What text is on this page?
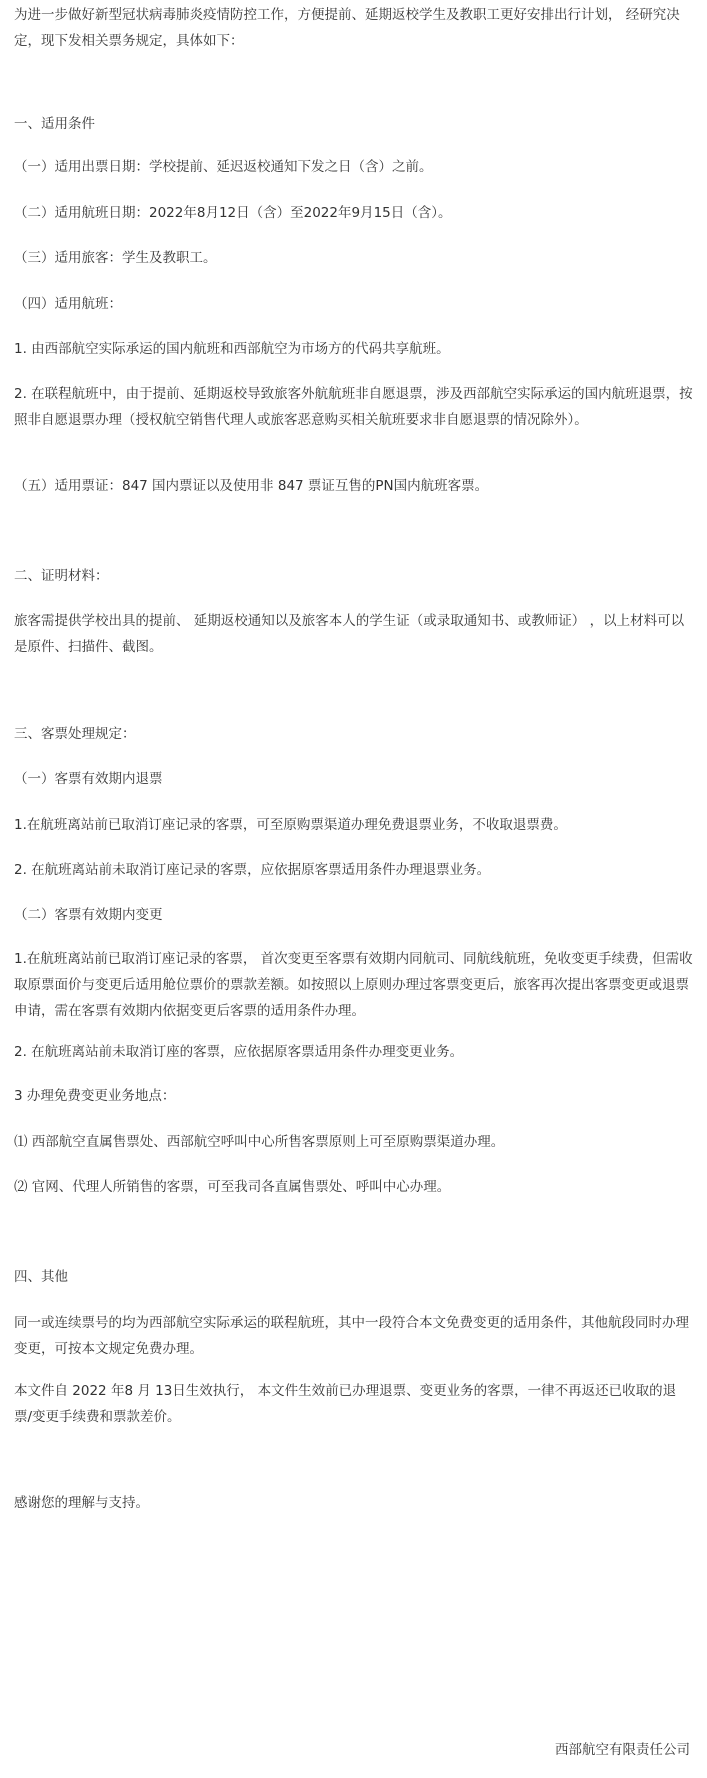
为进一步做好新型冠状病毒肺炎疫情防控工作，方便提前、延期返校学生及教职工更好安排出行计划， 经研究决定，现下发相关票务规定，具体如下：

一、适用条件

（一）适用出票日期：学校提前、延迟返校通知下发之日（含）之前。

（二）适用航班日期：2022年8月12日（含）至2022年9月15日（含）。

（三）适用旅客：学生及教职工。

（四）适用航班：

1. 由西部航空实际承运的国内航班和西部航空为市场方的代码共享航班。

2. 在联程航班中，由于提前、延期返校导致旅客外航航班非自愿退票，涉及西部航空实际承运的国内航班退票，按照非自愿退票办理（授权航空销售代理人或旅客恶意购买相关航班要求非自愿退票的情况除外）。

（五）适用票证：847 国内票证以及使用非 847 票证互售的PN国内航班客票。

二、证明材料：

旅客需提供学校出具的提前、 延期返校通知以及旅客本人的学生证（或录取通知书、或教师证） ，以上材料可以是原件、扫描件、截图。

三、客票处理规定：

（一）客票有效期内退票

1.在航班离站前已取消订座记录的客票，可至原购票渠道办理免费退票业务，不收取退票费。

2. 在航班离站前未取消订座记录的客票，应依据原客票适用条件办理退票业务。

（二）客票有效期内变更

1.在航班离站前已取消订座记录的客票， 首次变更至客票有效期内同航司、同航线航班，免收变更手续费，但需收取原票面价与变更后适用舱位票价的票款差额。如按照以上原则办理过客票变更后，旅客再次提出客票变更或退票申请，需在客票有效期内依据变更后客票的适用条件办理。

2. 在航班离站前未取消订座的客票，应依据原客票适用条件办理变更业务。

3 办理免费变更业务地点：

⑴ 西部航空直属售票处、西部航空呼叫中心所售客票原则上可至原购票渠道办理。

⑵ 官网、代理人所销售的客票，可至我司各直属售票处、呼叫中心办理。

四、其他

同一或连续票号的均为西部航空实际承运的联程航班，其中一段符合本文免费变更的适用条件，其他航段同时办理变更，可按本文规定免费办理。

本文件自 2022 年8 月 13日生效执行， 本文件生效前已办理退票、变更业务的客票，一律不再返还已收取的退票/变更手续费和票款差价。

感谢您的理解与支持。

西部航空有限责任公司
